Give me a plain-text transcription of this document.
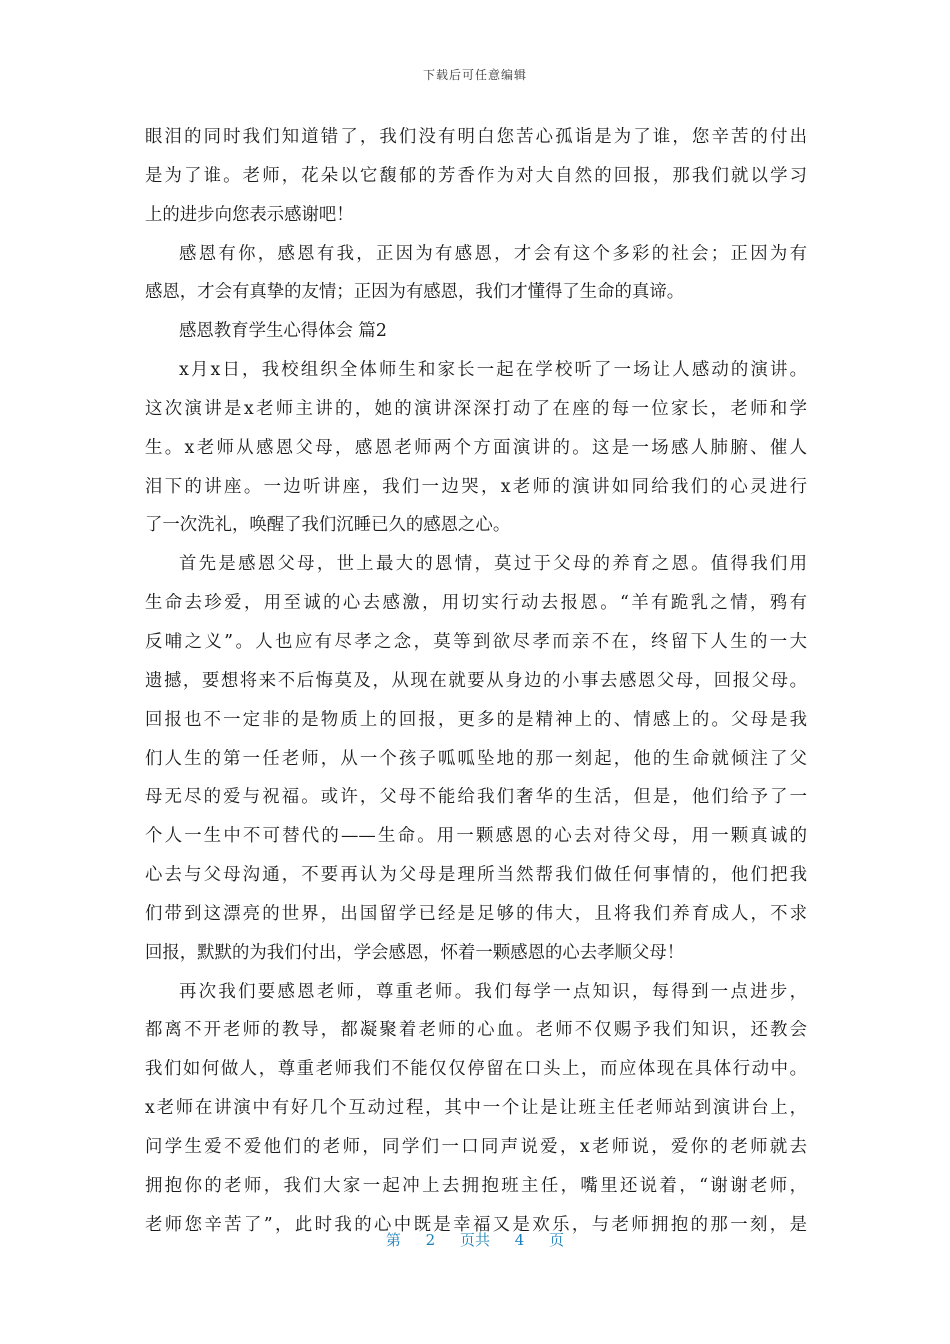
下载后可任意编辑
眼泪的同时我们知道错了，我们没有明白您苦心孤诣是为了谁，您辛苦的付出
是为了谁。老师，花朵以它馥郁的芳香作为对大自然的回报，那我们就以学习
上的进步向您表示感谢吧！
感恩有你，感恩有我，正因为有感恩，才会有这个多彩的社会；正因为有
感恩，才会有真挚的友情；正因为有感恩，我们才懂得了生命的真谛。
感恩教育学生心得体会 篇2
x月x日，我校组织全体师生和家长一起在学校听了一场让人感动的演讲。
这次演讲是x老师主讲的，她的演讲深深打动了在座的每一位家长，老师和学
生。x老师从感恩父母，感恩老师两个方面演讲的。这是一场感人肺腑、催人
泪下的讲座。一边听讲座，我们一边哭，x老师的演讲如同给我们的心灵进行
了一次洗礼，唤醒了我们沉睡已久的感恩之心。
首先是感恩父母，世上最大的恩情，莫过于父母的养育之恩。值得我们用
生命去珍爱，用至诚的心去感激，用切实行动去报恩。“羊有跪乳之情，鸦有
反哺之义”。人也应有尽孝之念，莫等到欲尽孝而亲不在，终留下人生的一大
遗撼，要想将来不后悔莫及，从现在就要从身边的小事去感恩父母，回报父母。
回报也不一定非的是物质上的回报，更多的是精神上的、情感上的。父母是我
们人生的第一任老师，从一个孩子呱呱坠地的那一刻起，他的生命就倾注了父
母无尽的爱与祝福。或许，父母不能给我们奢华的生活，但是，他们给予了一
个人一生中不可替代的——生命。用一颗感恩的心去对待父母，用一颗真诚的
心去与父母沟通，不要再认为父母是理所当然帮我们做任何事情的，他们把我
们带到这漂亮的世界，出国留学已经是足够的伟大，且将我们养育成人，不求
回报，默默的为我们付出，学会感恩，怀着一颗感恩的心去孝顺父母！
再次我们要感恩老师，尊重老师。我们每学一点知识，每得到一点进步，
都离不开老师的教导，都凝聚着老师的心血。老师不仅赐予我们知识，还教会
我们如何做人，尊重老师我们不能仅仅停留在口头上，而应体现在具体行动中。
x老师在讲演中有好几个互动过程，其中一个让是让班主任老师站到演讲台上，
问学生爱不爱他们的老师，同学们一口同声说爱，x老师说，爱你的老师就去
拥抱你的老师，我们大家一起冲上去拥抱班主任，嘴里还说着，“谢谢老师，
老师您辛苦了”，此时我的心中既是幸福又是欢乐，与老师拥抱的那一刻，是
第 2 页共 4 页
